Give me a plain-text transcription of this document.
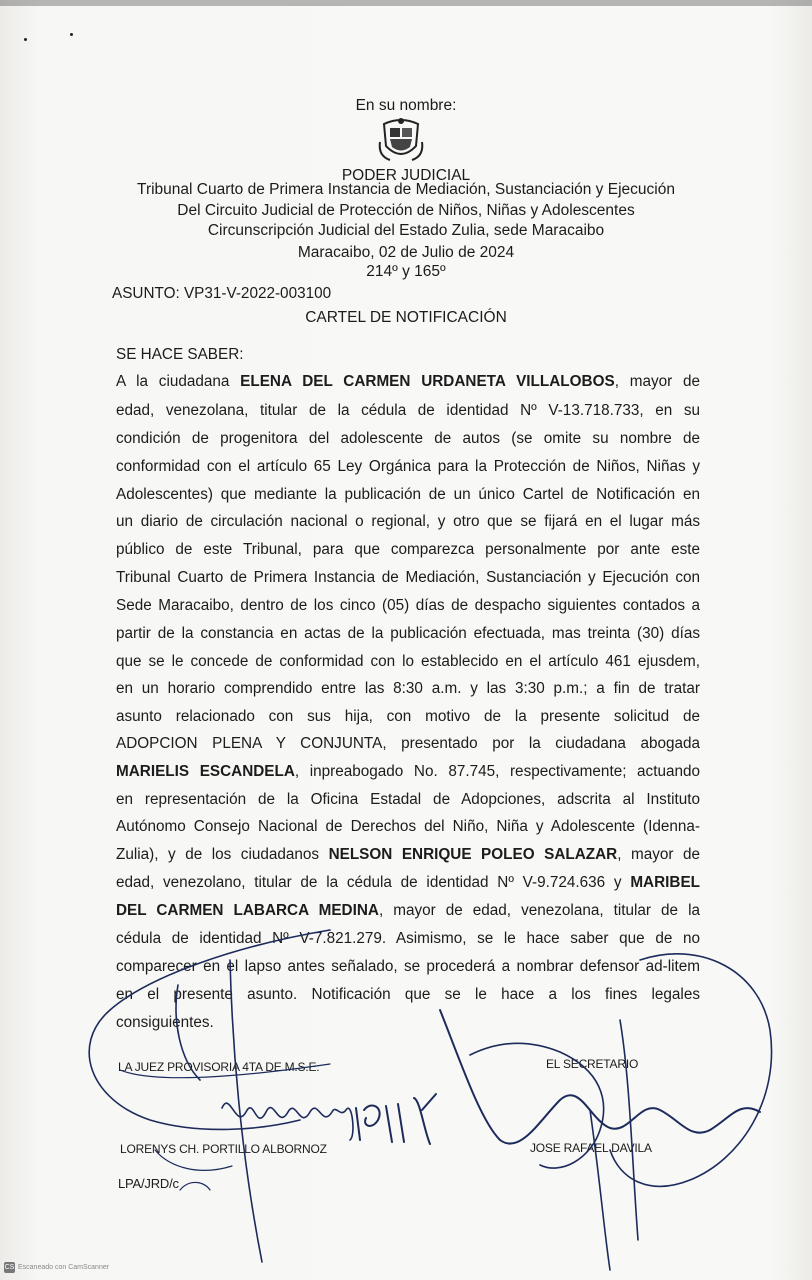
En su nombre:
PODER JUDICIAL
Tribunal Cuarto de Primera Instancia de Mediación, Sustanciación y Ejecución
Del Circuito Judicial de Protección de Niños, Niñas y Adolescentes
Circunscripción Judicial del Estado Zulia, sede Maracaibo
Maracaibo, 02 de Julio de 2024
214º y 165º
ASUNTO: VP31-V-2022-003100
CARTEL DE NOTIFICACIÓN
SE HACE SABER:
A la ciudadana ELENA DEL CARMEN URDANETA VILLALOBOS, mayor de
edad, venezolana, titular de la cédula de identidad Nº V-13.718.733, en su
condición de progenitora del adolescente de autos (se omite su nombre de
conformidad con el artículo 65 Ley Orgánica para la Protección de Niños, Niñas y
Adolescentes) que mediante la publicación de un único Cartel de Notificación en
un diario de circulación nacional o regional, y otro que se fijará en el lugar más
público de este Tribunal, para que comparezca personalmente por ante este
Tribunal Cuarto de Primera Instancia de Mediación, Sustanciación y Ejecución con
Sede Maracaibo, dentro de los cinco (05) días de despacho siguientes contados a
partir de la constancia en actas de la publicación efectuada, mas treinta (30) días
que se le concede de conformidad con lo establecido en el artículo 461 ejusdem,
en un horario comprendido entre las 8:30 a.m. y las 3:30 p.m.; a fin de tratar
asunto relacionado con sus hija, con motivo de la presente solicitud de
ADOPCION PLENA Y CONJUNTA, presentado por la ciudadana abogada
MARIELIS ESCANDELA, inpreabogado No. 87.745, respectivamente; actuando
en representación de la Oficina Estadal de Adopciones, adscrita al Instituto
Autónomo Consejo Nacional de Derechos del Niño, Niña y Adolescente (Idenna-
Zulia), y de los ciudadanos NELSON ENRIQUE POLEO SALAZAR, mayor de
edad, venezolano, titular de la cédula de identidad Nº V-9.724.636 y MARIBEL
DEL CARMEN LABARCA MEDINA, mayor de edad, venezolana, titular de la
cédula de identidad Nº V-7.821.279. Asimismo, se le hace saber que de no
comparecer en el lapso antes señalado, se procederá a nombrar defensor ad-litem
en el presente asunto. Notificación que se le hace a los fines legales
consiguientes.
LA JUEZ PROVISORIA 4TA DE M.S.E.
LORENYS CH. PORTILLO ALBORNOZ
EL SECRETARIO
JOSE RAFAEL DAVILA
LPA/JRD/c
CS Escaneado con CamScanner
